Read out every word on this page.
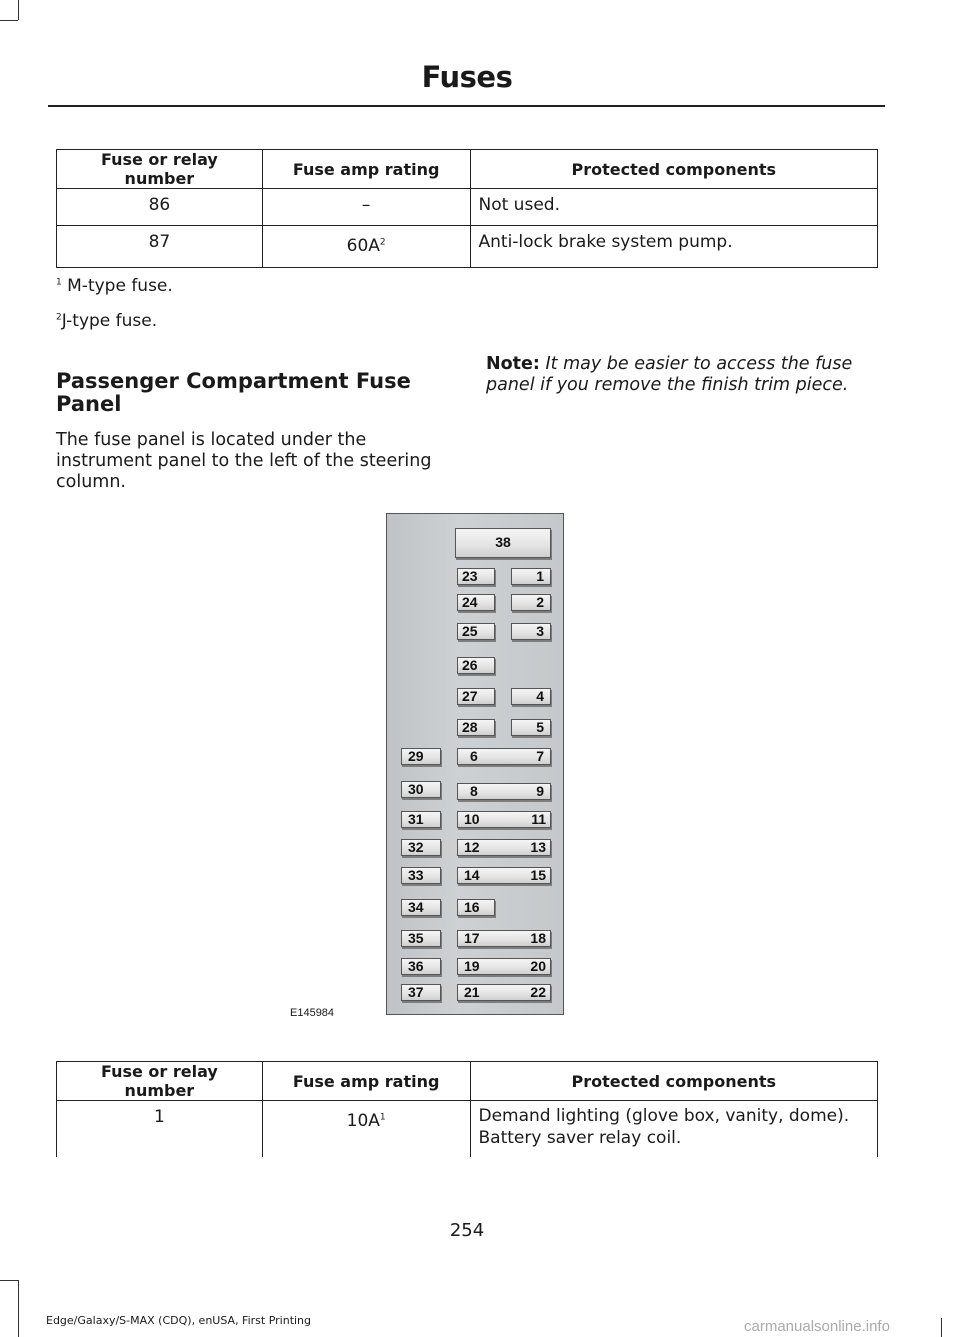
Fuses
Fuse or relay number	Fuse amp rating	Protected components
86	–	Not used.
87	$60A^2$	Anti-lock brake system pump.
$^1$ M-type fuse.
$^2$J-type fuse.
Passenger Compartment Fuse Panel
The fuse panel is located under the instrument panel to the left of the steering column.
Note: It may be easier to access the fuse panel if you remove the finish trim piece.
38
23	1
24	2
25	3
26
27	4
28	5
29	6	7
30	8	9
31	10	11
32	12	13
33	14	15
34	16
35	17	18
36	19	20
37	21	22
E145984
Fuse or relay number	Fuse amp rating	Protected components
1	$10A^1$	Demand lighting (glove box, vanity, dome).
Battery saver relay coil.
254
Edge/Galaxy/S-MAX (CDQ), enUSA, First Printing	carmanualsonline.info
